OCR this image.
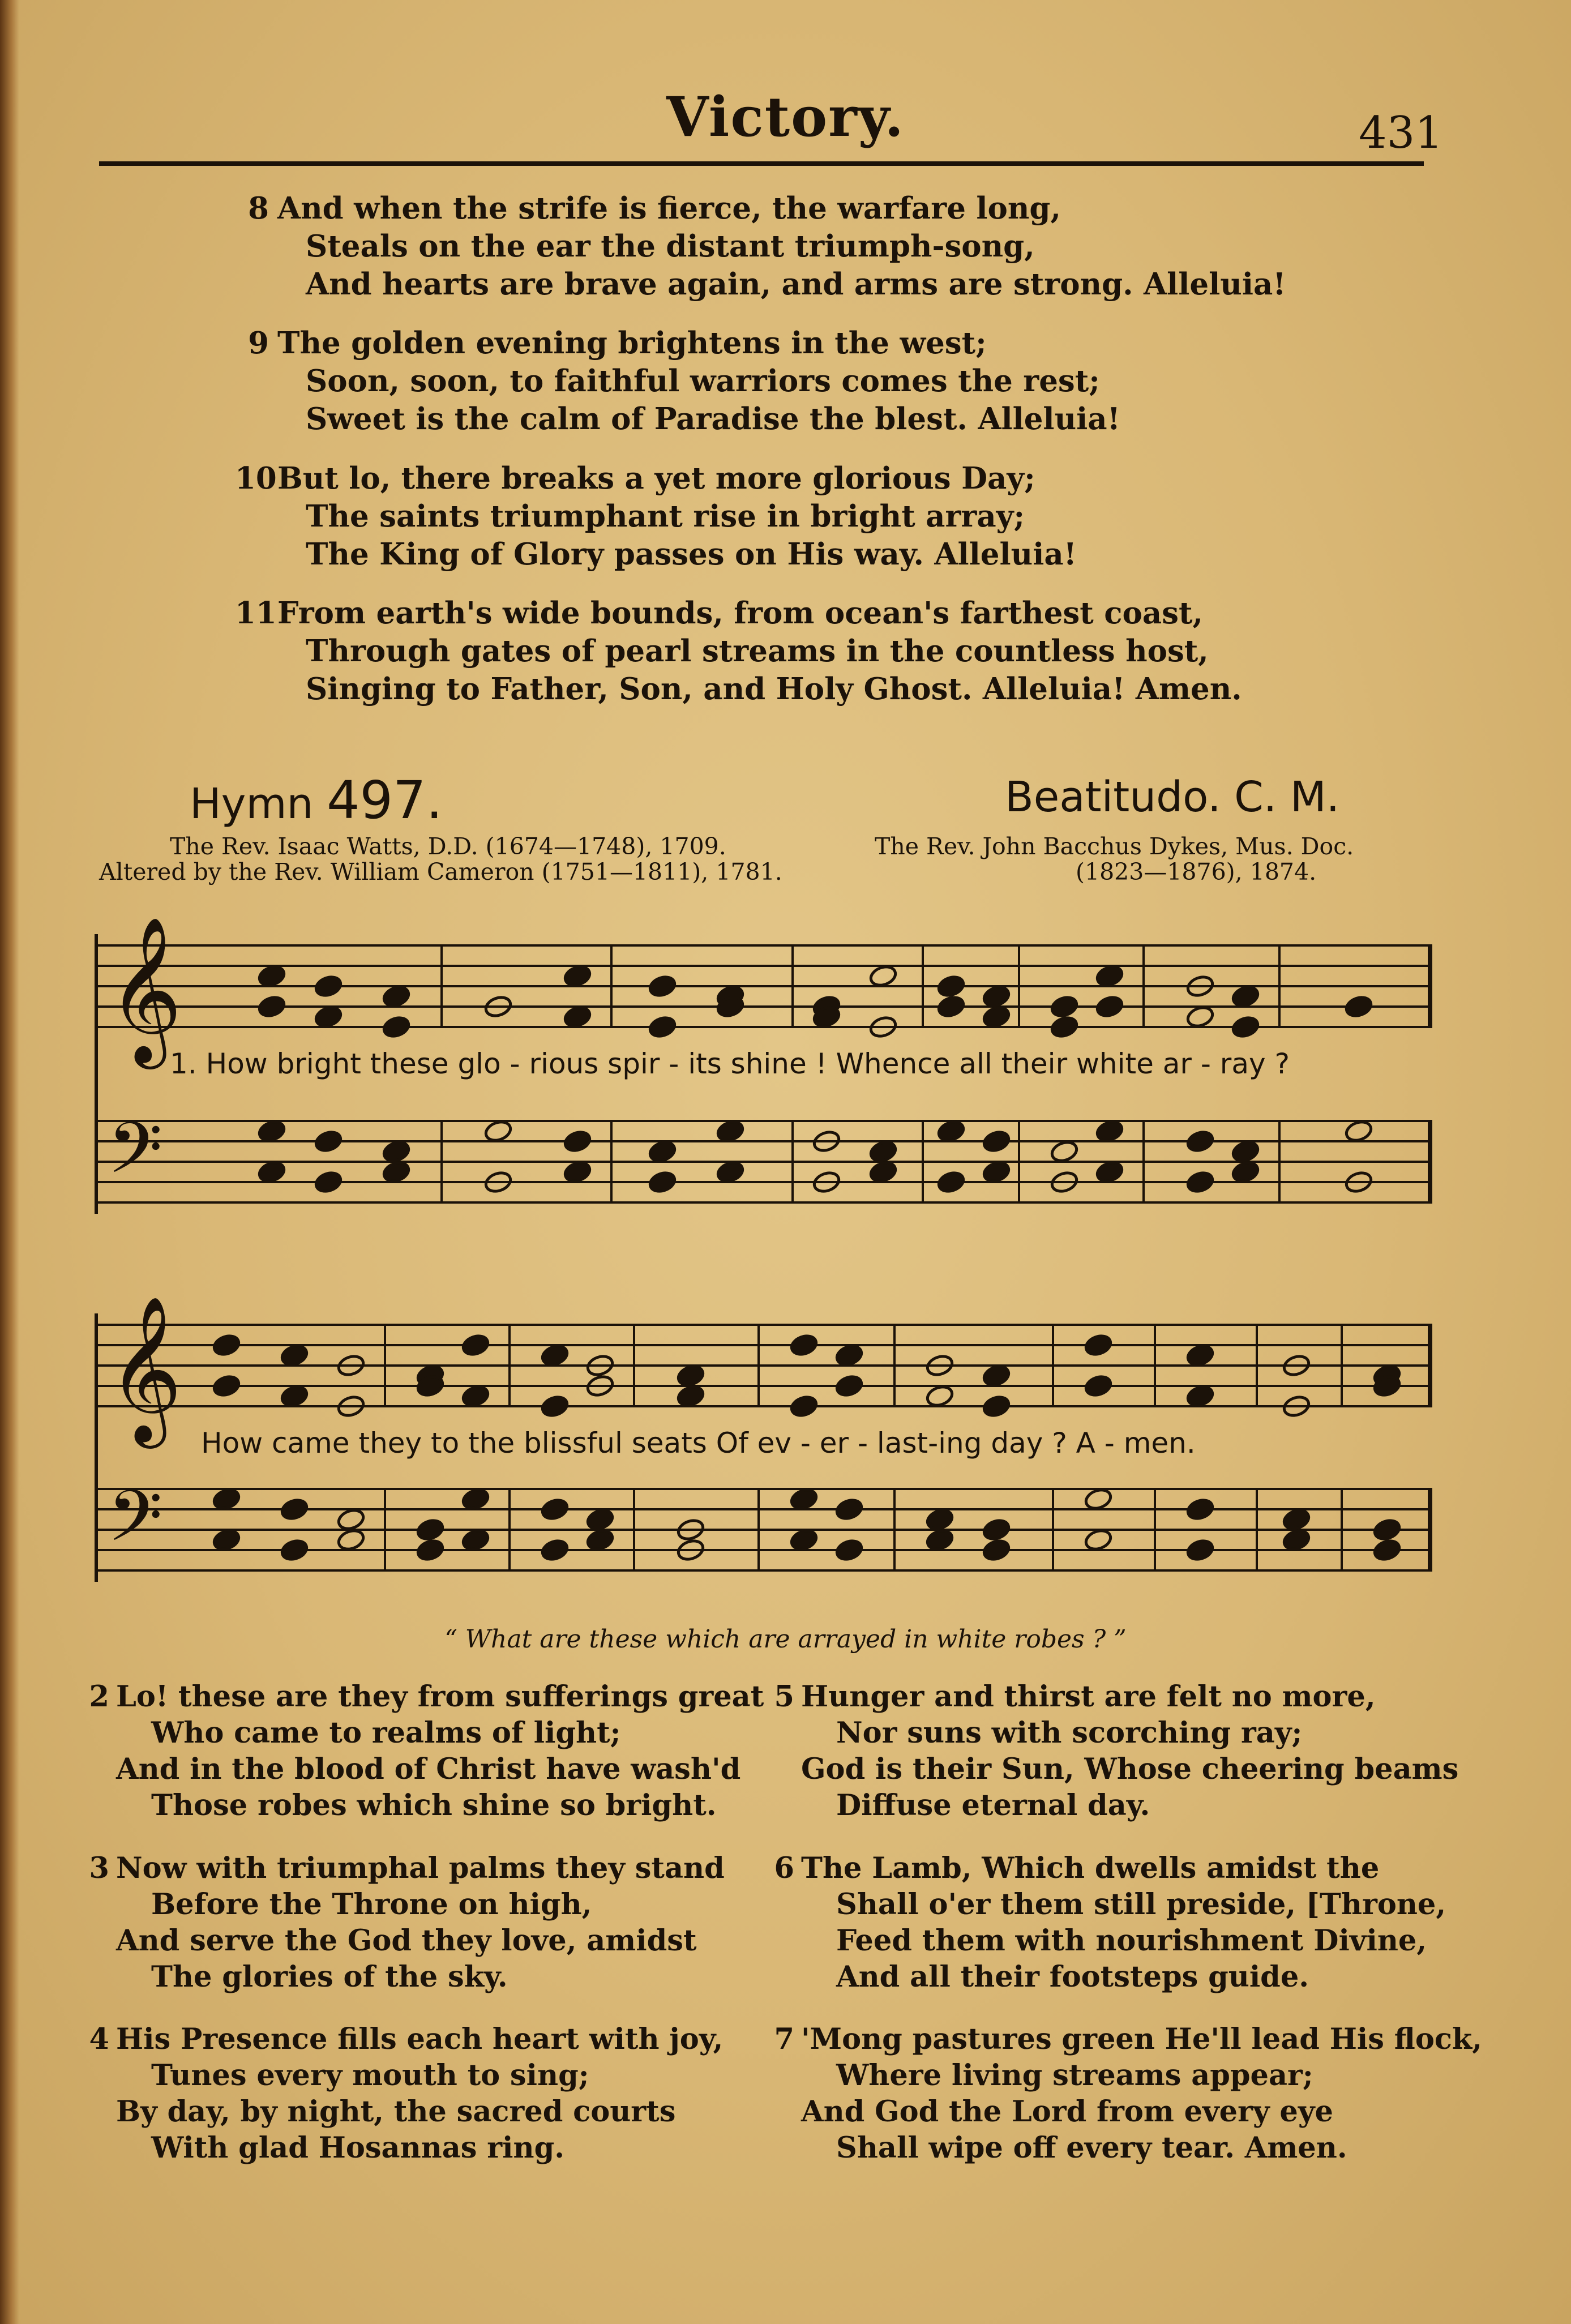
Victory.	431
8 And when the strife is fierce, the warfare long,
Steals on the ear the distant triumph-song,
And hearts are brave again, and arms are strong. Alleluia!
9 The golden evening brightens in the west;
Soon, soon, to faithful warriors comes the rest;
Sweet is the calm of Paradise the blest. Alleluia!
10 But lo, there breaks a yet more glorious Day;
The saints triumphant rise in bright array;
The King of Glory passes on His way. Alleluia!
11 From earth's wide bounds, from ocean's farthest coast,
Through gates of pearl streams in the countless host,
Singing to Father, Son, and Holy Ghost. Alleluia! Amen.
Hymn 497.	Beatitudo. C. M.
The Rev. Isaac Watts, D.D. (1674—1748), 1709.
Altered by the Rev. William Cameron (1751—1811), 1781.
The Rev. John Bacchus Dykes, Mus. Doc.
(1823—1876), 1874.
𝄞
𝄢
1. How bright these glo - rious spir - its shine ! Whence all their white ar - ray ?
𝄞
𝄢
How came they to the blissful seats Of ev - er - last-ing day ? A - men.
“ What are these which are arrayed in white robes ? ”
2 Lo! these are they from sufferings great
Who came to realms of light;
And in the blood of Christ have wash'd
Those robes which shine so bright.
3 Now with triumphal palms they stand
Before the Throne on high,
And serve the God they love, amidst
The glories of the sky.
4 His Presence fills each heart with joy,
Tunes every mouth to sing;
By day, by night, the sacred courts
With glad Hosannas ring.
5 Hunger and thirst are felt no more,
Nor suns with scorching ray;
God is their Sun, Whose cheering beams
Diffuse eternal day.
6 The Lamb, Which dwells amidst the
Shall o'er them still preside, [Throne,
Feed them with nourishment Divine,
And all their footsteps guide.
7 'Mong pastures green He'll lead His flock,
Where living streams appear;
And God the Lord from every eye
Shall wipe off every tear. Amen.
